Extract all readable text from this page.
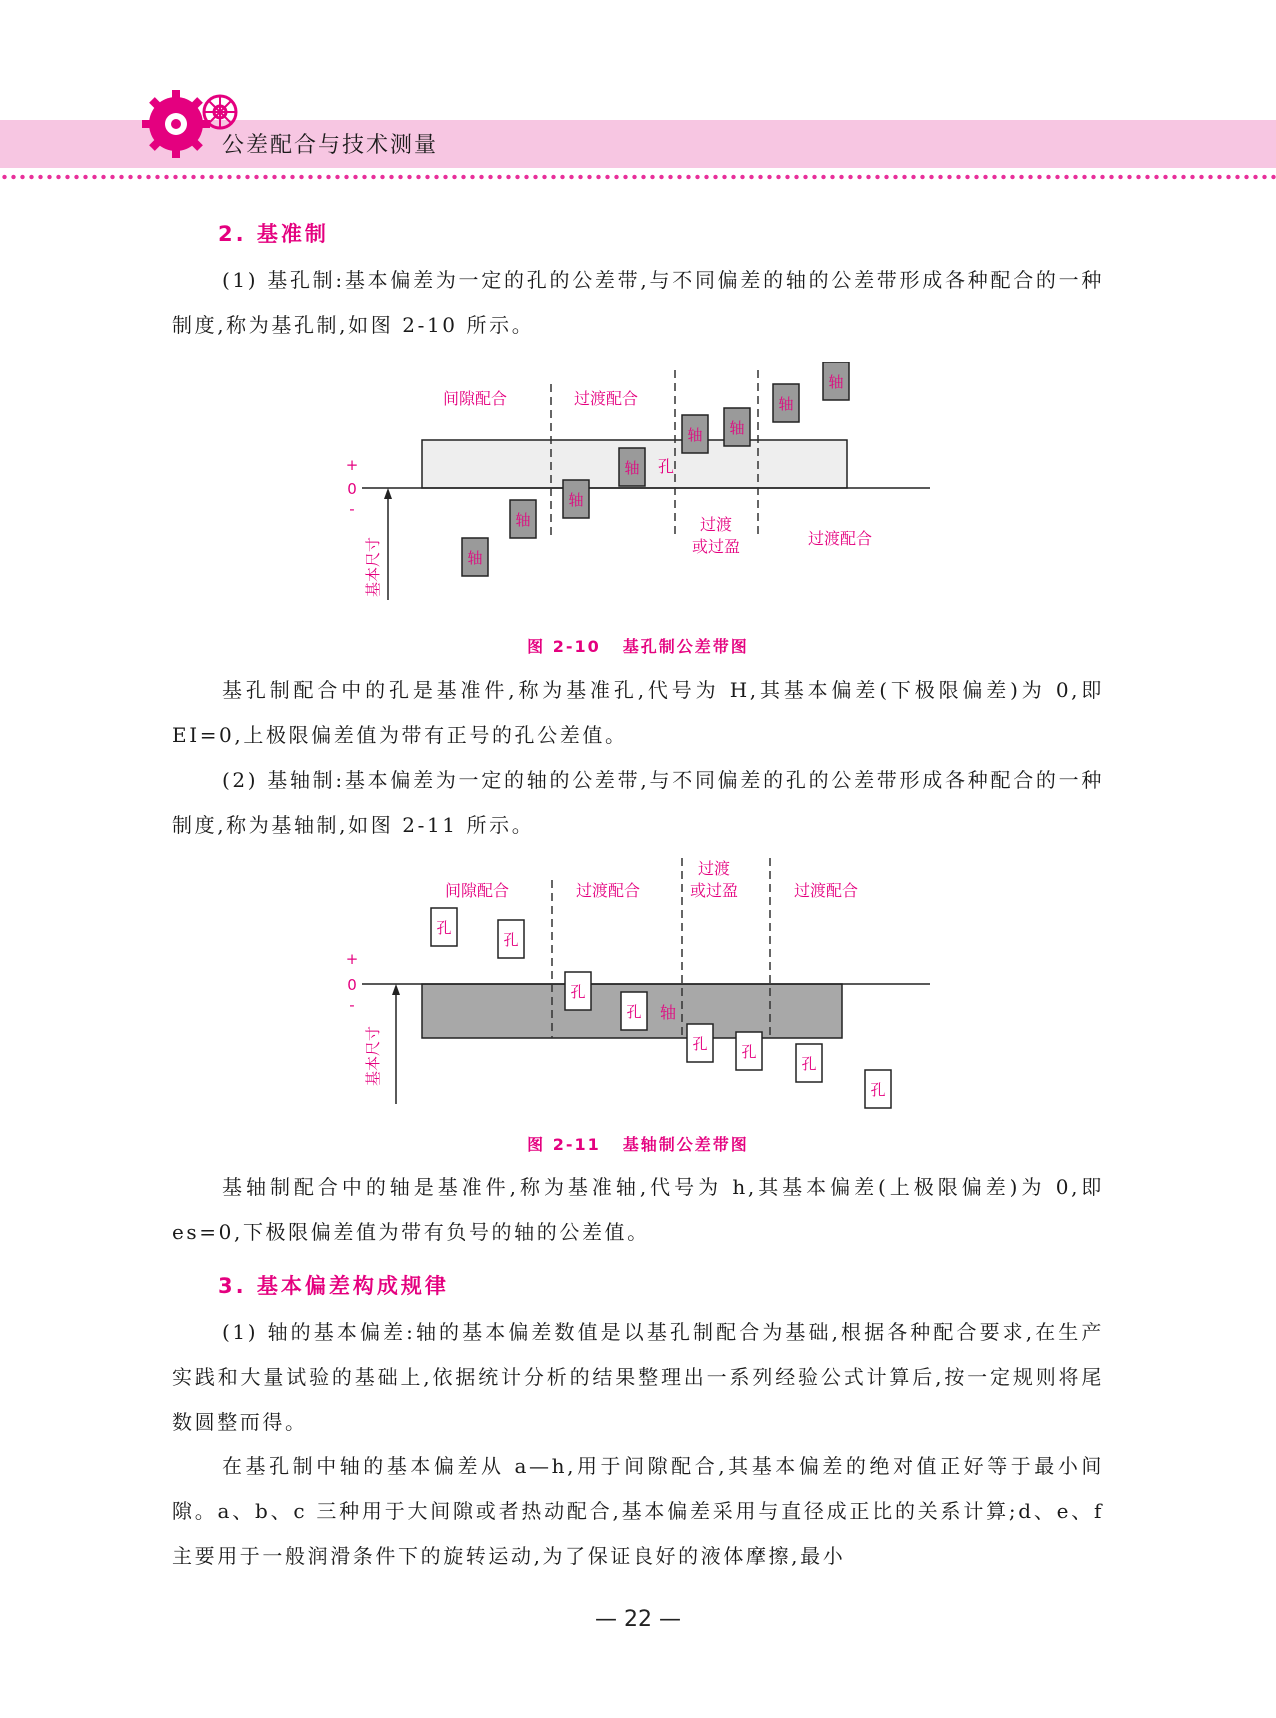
公差配合与技术测量
2. 基准制

(1) 基孔制:基本偏差为一定的孔的公差带,与不同偏差的轴的公差带形成各种配合的一种制度,称为基孔制,如图 2-10 所示。

间隙配合	过渡配合
过渡
或过盈	过渡配合
+
0
-
基本尺寸
孔
轴
轴
轴
轴
轴 轴
轴
轴
图 2-10 基孔制公差带图

基孔制配合中的孔是基准件,称为基准孔,代号为 H,其基本偏差(下极限偏差)为 0,即 EI=0,上极限偏差值为带有正号的孔公差值。

(2) 基轴制:基本偏差为一定的轴的公差带,与不同偏差的孔的公差带形成各种配合的一种制度,称为基轴制,如图 2-11 所示。

间隙配合	过渡配合
过渡
或过盈	过渡配合
+
0
-
基本尺寸
轴
孔
孔
孔
孔
孔 孔
孔
孔
图 2-11 基轴制公差带图

基轴制配合中的轴是基准件,称为基准轴,代号为 h,其基本偏差(上极限偏差)为 0,即 es=0,下极限偏差值为带有负号的轴的公差值。

3. 基本偏差构成规律

(1) 轴的基本偏差:轴的基本偏差数值是以基孔制配合为基础,根据各种配合要求,在生产实践和大量试验的基础上,依据统计分析的结果整理出一系列经验公式计算后,按一定规则将尾数圆整而得。

在基孔制中轴的基本偏差从 a—h,用于间隙配合,其基本偏差的绝对值正好等于最小间隙。a、b、c 三种用于大间隙或者热动配合,基本偏差采用与直径成正比的关系计算;d、e、f 主要用于一般润滑条件下的旋转运动,为了保证良好的液体摩擦,最小

— 22 —
